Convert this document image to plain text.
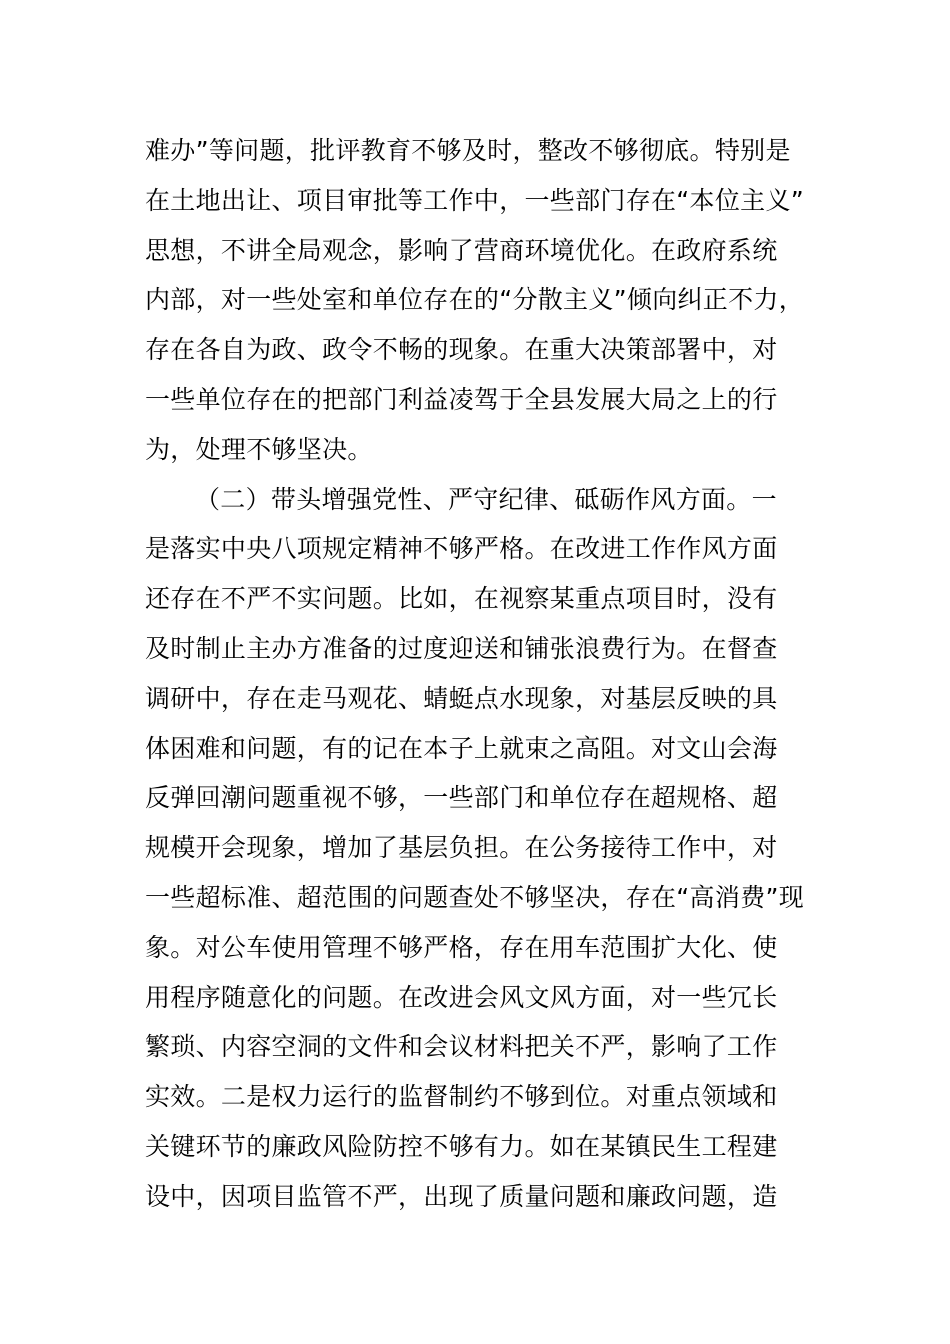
难办”等问题，批评教育不够及时，整改不够彻底。特别是
在土地出让、项目审批等工作中，一些部门存在“本位主义”
思想，不讲全局观念，影响了营商环境优化。在政府系统
内部，对一些处室和单位存在的“分散主义”倾向纠正不力，
存在各自为政、政令不畅的现象。在重大决策部署中，对
一些单位存在的把部门利益凌驾于全县发展大局之上的行
为，处理不够坚决。
（二）带头增强党性、严守纪律、砥砺作风方面。一
是落实中央八项规定精神不够严格。在改进工作作风方面
还存在不严不实问题。比如，在视察某重点项目时，没有
及时制止主办方准备的过度迎送和铺张浪费行为。在督查
调研中，存在走马观花、蜻蜓点水现象，对基层反映的具
体困难和问题，有的记在本子上就束之高阻。对文山会海
反弹回潮问题重视不够，一些部门和单位存在超规格、超
规模开会现象，增加了基层负担。在公务接待工作中，对
一些超标准、超范围的问题查处不够坚决，存在“高消费”现
象。对公车使用管理不够严格，存在用车范围扩大化、使
用程序随意化的问题。在改进会风文风方面，对一些冗长
繁琐、内容空洞的文件和会议材料把关不严，影响了工作
实效。二是权力运行的监督制约不够到位。对重点领域和
关键环节的廉政风险防控不够有力。如在某镇民生工程建
设中，因项目监管不严，出现了质量问题和廉政问题，造
